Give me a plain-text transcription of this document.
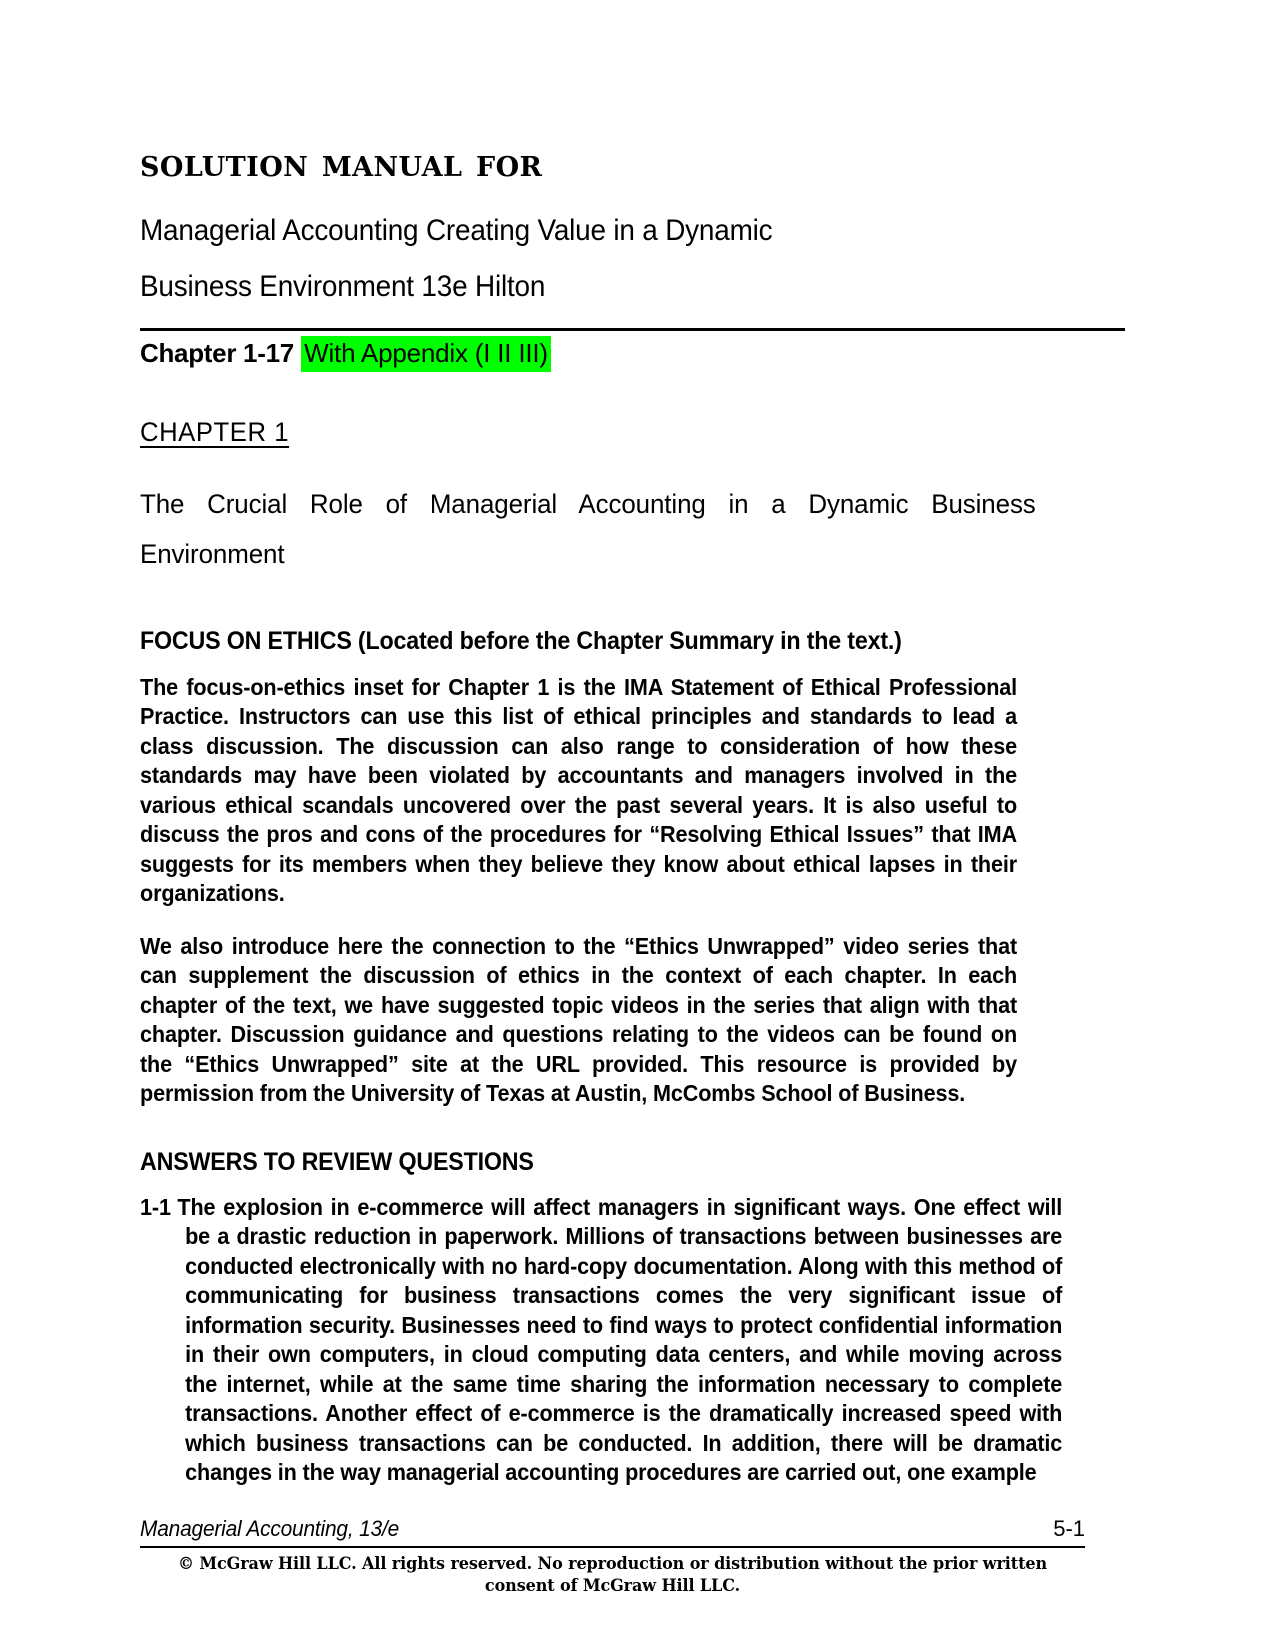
solution manual for
Managerial Accounting Creating Value in a Dynamic
Business Environment 13e Hilton
Chapter 1-17 With Appendix (I II III)
CHAPTER 1
The Crucial Role of Managerial Accounting in a Dynamic Business Environment
FOCUS ON ETHICS (Located before the Chapter Summary in the text.)

The focus-on-ethics inset for Chapter 1 is the IMA Statement of Ethical Professional Practice. Instructors can use this list of ethical principles and standards to lead a class discussion. The discussion can also range to consideration of how these standards may have been violated by accountants and managers involved in the various ethical scandals uncovered over the past several years. It is also useful to discuss the pros and cons of the procedures for “Resolving Ethical Issues” that IMA suggests for its members when they believe they know about ethical lapses in their organizations.

We also introduce here the connection to the “Ethics Unwrapped” video series that can supplement the discussion of ethics in the context of each chapter. In each chapter of the text, we have suggested topic videos in the series that align with that chapter. Discussion guidance and questions relating to the videos can be found on the “Ethics Unwrapped” site at the URL provided. This resource is provided by permission from the University of Texas at Austin, McCombs School of Business.

ANSWERS TO REVIEW QUESTIONS

1-1 The explosion in e-commerce will affect managers in significant ways. One effect will be a drastic reduction in paperwork. Millions of transactions between businesses are conducted electronically with no hard-copy documentation. Along with this method of communicating for business transactions comes the very significant issue of information security. Businesses need to find ways to protect confidential information in their own computers, in cloud computing data centers, and while moving across the internet, while at the same time sharing the information necessary to complete transactions. Another effect of e-commerce is the dramatically increased speed with which business transactions can be conducted. In addition, there will be dramatic changes in the way managerial accounting procedures are carried out, one example

Managerial Accounting, 13/e	5-1
© McGraw Hill LLC. All rights reserved. No reproduction or distribution without the prior written consent of McGraw Hill LLC.
